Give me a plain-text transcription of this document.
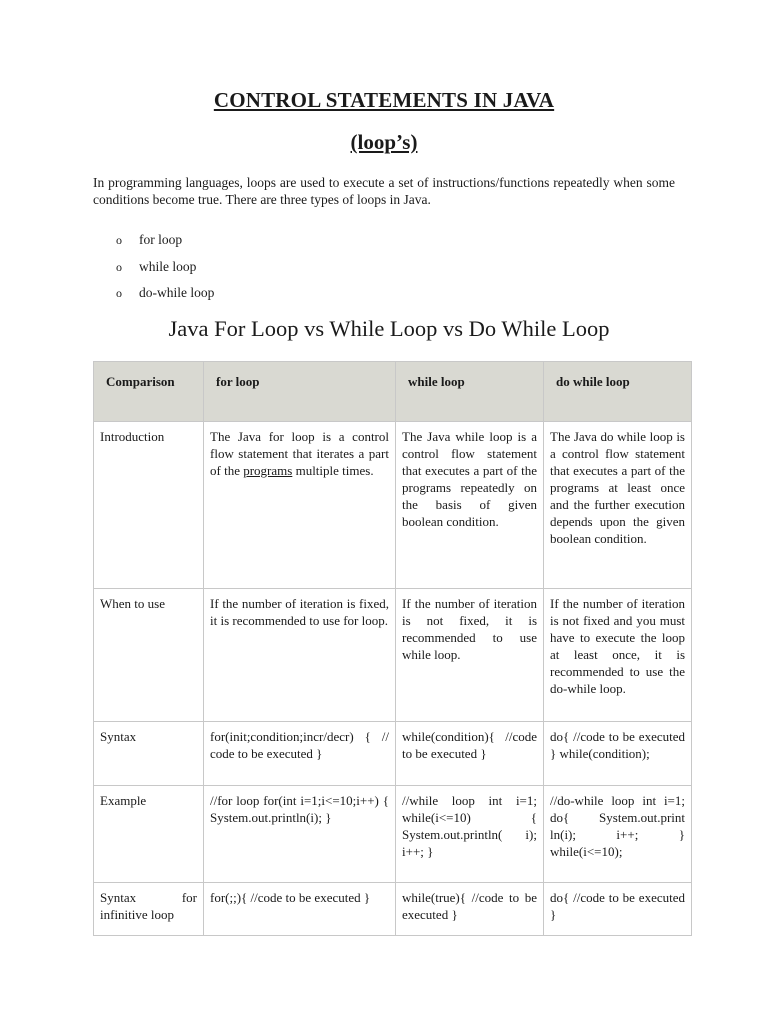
CONTROL STATEMENTS IN JAVA
(loop’s)
In programming languages, loops are used to execute a set of instructions/functions repeatedly when some conditions become true. There are three types of loops in Java.
o for loop
o while loop
o do-while loop
Java For Loop vs While Loop vs Do While Loop
Comparison	for loop	while loop	do while loop
Introduction	The Java for loop is a control flow statement that iterates a part of the programs multiple times.	The Java while loop is a control flow statement that executes a part of the programs repeatedly on the basis of given boolean condition.	The Java do while loop is a control flow statement that executes a part of the programs at least once and the further execution depends upon the given boolean condition.
When to use	If the number of iteration is fixed, it is recommended to use for loop.	If the number of iteration is not fixed, it is recommended to use while loop.	If the number of iteration is not fixed and you must have to execute the loop at least once, it is recommended to use the do-while loop.
Syntax	for(init;condition;incr/decr) { // code to be executed }	while(condition){ //code to be executed }	do{ //code to be executed } while(condition);
Example	//for loop for(int i=1;i<=10;i++) { System.out.println(i); }	//while loop int i=1; while(i<=10) { System.out.println( i); i++; }	//do-while loop int i=1; do{ System.out.print ln(i); i++; } while(i<=10);
Syntax for infinitive loop	for(;;){ //code to be executed }	while(true){ //code to be executed }	do{ //code to be executed }
